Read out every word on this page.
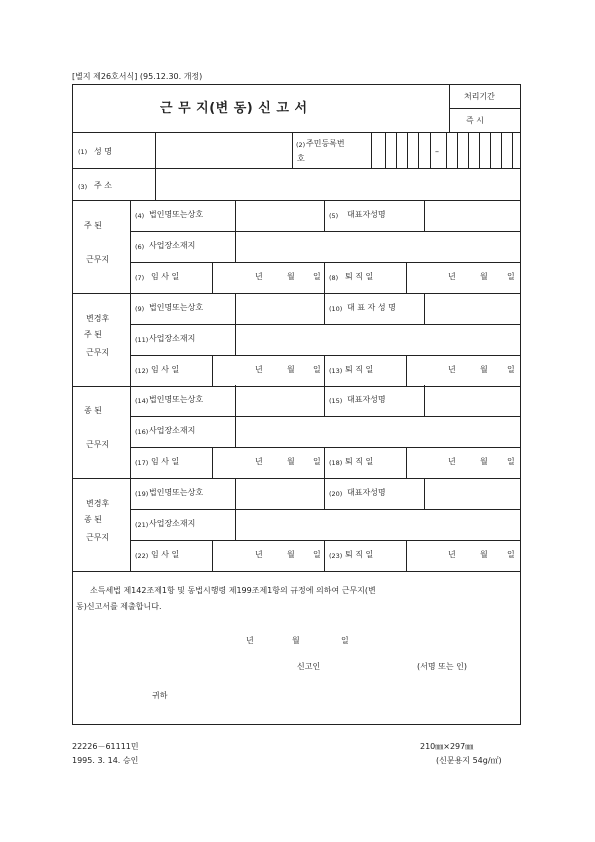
[별지 제26호서식] (95.12.30. 개정)
근 무 지(변 동) 신 고 서
처리기간
즉 시
(1) 성 명
(2) 주민등록번
호
–
(3) 주 소
주 된
근무지
(4) 법인명또는상호	(5) 대표자성명
(6) 사업장소재지
(7) 임 사 일	년	월 일 (8) 퇴 직 일	년	월 일
변경후
주 된
근무지
(9) 법인명또는상호	(10) 대 표 자 성 명
(11) 사업장소재지
(12) 임 사 일	년	월 일 (13) 퇴 직 일	년	월 일
종 된
근무지
(14) 법인명또는상호	(15) 대표자성명
(16) 사업장소재지
(17) 임 사 일	년	월 일 (18) 퇴 직 일	년	월 일
변경후
종 된
근무지
(19) 법인명또는상호	(20) 대표자성명
(21) 사업장소재지
(22) 임 사 일	년	월 일 (23) 퇴 직 일	년	월 일
소득세법 제142조제1항 및 동법시행령 제199조제1항의 규정에 의하여 근무지(변
동)신고서를 제출합니다.
년	월	일
신고인	(서명 또는 인)
귀하
22226－61111민
1995. 3. 14. 승인
210㎜×297㎜
(신문용지 54g/㎡)
